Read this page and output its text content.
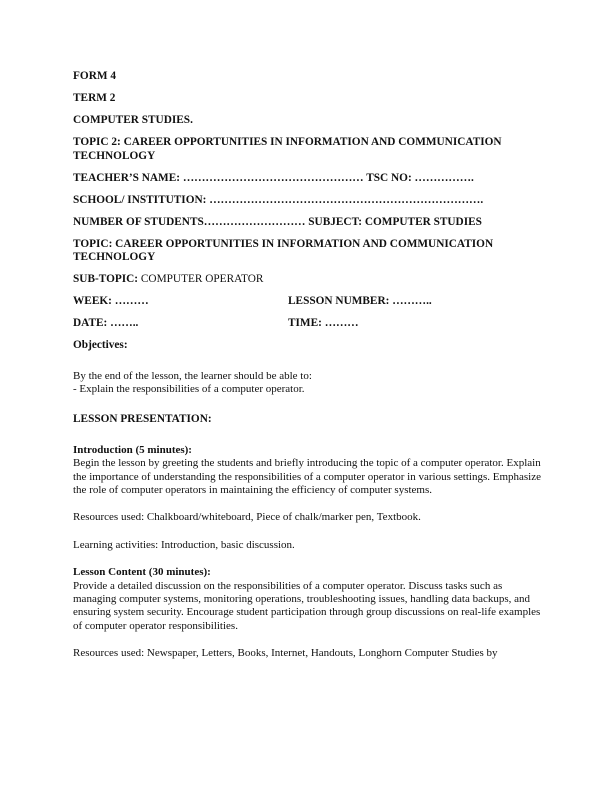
FORM 4
TERM 2
COMPUTER STUDIES.
TOPIC 2: CAREER OPPORTUNITIES IN INFORMATION AND COMMUNICATION TECHNOLOGY
TEACHER’S NAME: ………………………………………… TSC NO: …………….
SCHOOL/ INSTITUTION: ……………………………………………………………….
NUMBER OF STUDENTS……………………… SUBJECT: COMPUTER STUDIES
TOPIC: CAREER OPPORTUNITIES IN INFORMATION AND COMMUNICATION TECHNOLOGY
SUB-TOPIC: COMPUTER OPERATOR
WEEK: ………	LESSON NUMBER: ………..
DATE: ……..	TIME: ………
Objectives:

By the end of the lesson, the learner should be able to:

- Explain the responsibilities of a computer operator.

LESSON PRESENTATION:

Introduction (5 minutes):

Begin the lesson by greeting the students and briefly introducing the topic of a computer operator. Explain the importance of understanding the responsibilities of a computer operator in various settings. Emphasize the role of computer operators in maintaining the efficiency of computer systems.

Resources used: Chalkboard/whiteboard, Piece of chalk/marker pen, Textbook.

Learning activities: Introduction, basic discussion.

Lesson Content (30 minutes):

Provide a detailed discussion on the responsibilities of a computer operator. Discuss tasks such as managing computer systems, monitoring operations, troubleshooting issues, handling data backups, and ensuring system security. Encourage student participation through group discussions on real-life examples of computer operator responsibilities.

Resources used: Newspaper, Letters, Books, Internet, Handouts, Longhorn Computer Studies by
